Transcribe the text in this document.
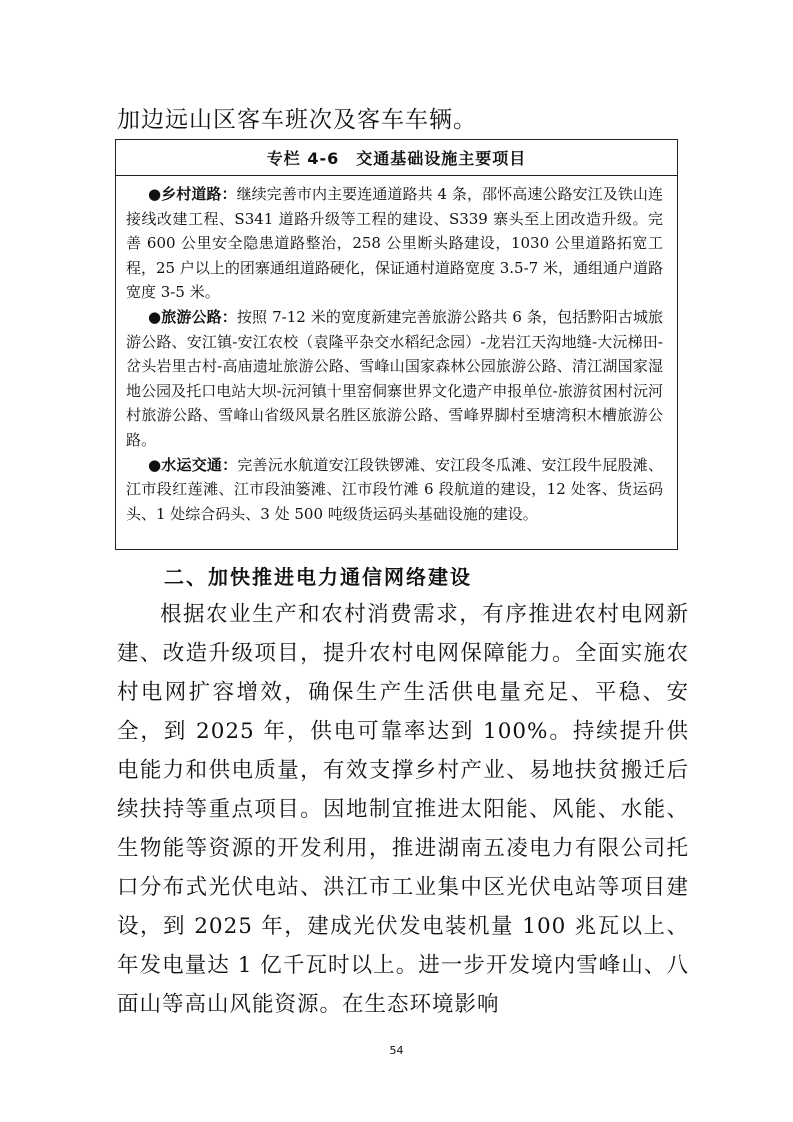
加边远山区客车班次及客车车辆。

专栏 4-6　交通基础设施主要项目

●乡村道路：继续完善市内主要连通道路共 4 条，邵怀高速公路安江及铁山连接线改建工程、S341 道路升级等工程的建设、S339 寨头至上团改造升级。完善 600 公里安全隐患道路整治，258 公里断头路建设，1030 公里道路拓宽工程，25 户以上的团寨通组道路硬化，保证通村道路宽度 3.5-7 米，通组通户道路宽度 3-5 米。

●旅游公路：按照 7-12 米的宽度新建完善旅游公路共 6 条，包括黔阳古城旅游公路、安江镇-安江农校（袁隆平杂交水稻纪念园）-龙岩江天沟地缝-大沅梯田-岔头岩里古村-高庙遗址旅游公路、雪峰山国家森林公园旅游公路、清江湖国家湿地公园及托口电站大坝-沅河镇十里窑侗寨世界文化遗产申报单位-旅游贫困村沅河村旅游公路、雪峰山省级风景名胜区旅游公路、雪峰界脚村至塘湾积木槽旅游公路。

●水运交通：完善沅水航道安江段铁锣滩、安江段冬瓜滩、安江段牛屁股滩、江市段红莲滩、江市段油篓滩、江市段竹滩 6 段航道的建设，12 处客、货运码头、1 处综合码头、3 处 500 吨级货运码头基础设施的建设。

二、加快推进电力通信网络建设

根据农业生产和农村消费需求，有序推进农村电网新建、改造升级项目，提升农村电网保障能力。全面实施农村电网扩容增效，确保生产生活供电量充足、平稳、安全，到 2025 年，供电可靠率达到 100%。持续提升供电能力和供电质量，有效支撑乡村产业、易地扶贫搬迁后续扶持等重点项目。因地制宜推进太阳能、风能、水能、生物能等资源的开发利用，推进湖南五凌电力有限公司托口分布式光伏电站、洪江市工业集中区光伏电站等项目建设，到 2025 年，建成光伏发电装机量 100 兆瓦以上、年发电量达 1 亿千瓦时以上。进一步开发境内雪峰山、八面山等高山风能资源。在生态环境影响

54
